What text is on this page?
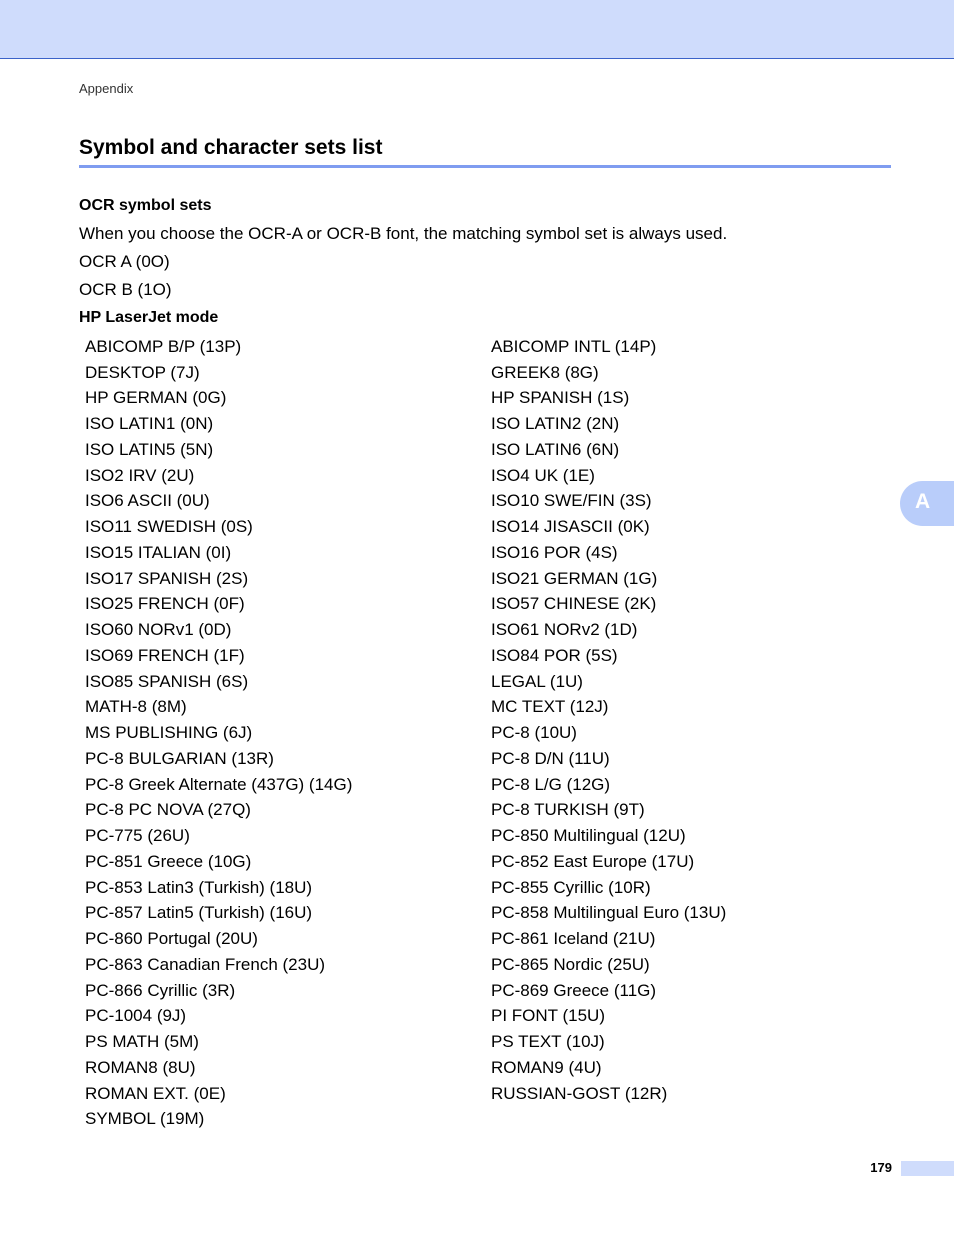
Appendix
Symbol and character sets list
OCR symbol sets

When you choose the OCR-A or OCR-B font, the matching symbol set is always used.

OCR A (0O)

OCR B (1O)

HP LaserJet mode
ABICOMP B/P (13P)	ABICOMP INTL (14P)
DESKTOP (7J)	GREEK8 (8G)
HP GERMAN (0G)	HP SPANISH (1S)
ISO LATIN1 (0N)	ISO LATIN2 (2N)
ISO LATIN5 (5N)	ISO LATIN6 (6N)
ISO2 IRV (2U)	ISO4 UK (1E)
ISO6 ASCII (0U)	ISO10 SWE/FIN (3S)
ISO11 SWEDISH (0S)	ISO14 JISASCII (0K)
ISO15 ITALIAN (0I)	ISO16 POR (4S)
ISO17 SPANISH (2S)	ISO21 GERMAN (1G)
ISO25 FRENCH (0F)	ISO57 CHINESE (2K)
ISO60 NORv1 (0D)	ISO61 NORv2 (1D)
ISO69 FRENCH (1F)	ISO84 POR (5S)
ISO85 SPANISH (6S)	LEGAL (1U)
MATH-8 (8M)	MC TEXT (12J)
MS PUBLISHING (6J)	PC-8 (10U)
PC-8 BULGARIAN (13R)	PC-8 D/N (11U)
PC-8 Greek Alternate (437G) (14G)	PC-8 L/G (12G)
PC-8 PC NOVA (27Q)	PC-8 TURKISH (9T)
PC-775 (26U)	PC-850 Multilingual (12U)
PC-851 Greece (10G)	PC-852 East Europe (17U)
PC-853 Latin3 (Turkish) (18U)	PC-855 Cyrillic (10R)
PC-857 Latin5 (Turkish) (16U)	PC-858 Multilingual Euro (13U)
PC-860 Portugal (20U)	PC-861 Iceland (21U)
PC-863 Canadian French (23U)	PC-865 Nordic (25U)
PC-866 Cyrillic (3R)	PC-869 Greece (11G)
PC-1004 (9J)	PI FONT (15U)
PS MATH (5M)	PS TEXT (10J)
ROMAN8 (8U)	ROMAN9 (4U)
ROMAN EXT. (0E)	RUSSIAN-GOST (12R)
SYMBOL (19M)	
A
179
